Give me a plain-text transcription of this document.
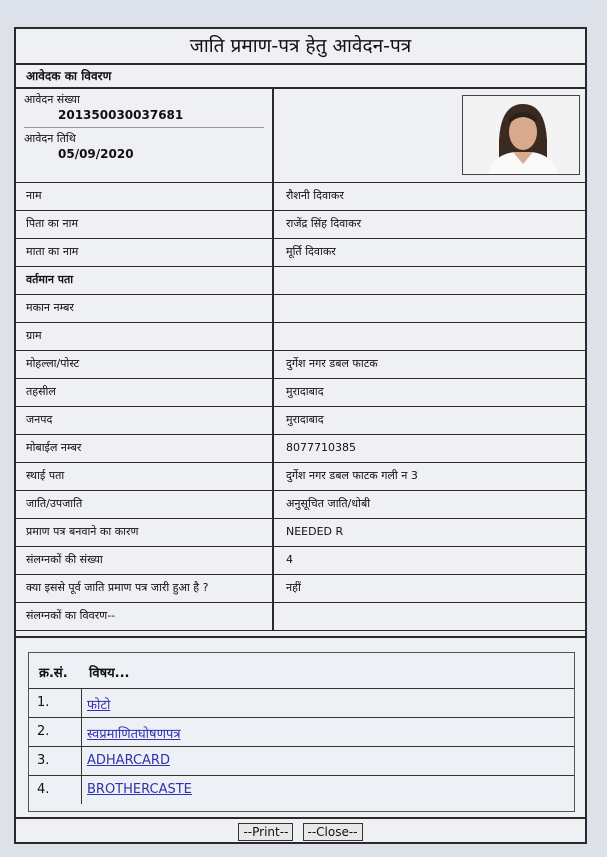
जाति प्रमाण-पत्र हेतु आवेदन-पत्र
आवेदक का विवरण
आवेदन संख्या
201350030037681
आवेदन तिथि
05/09/2020
नाम	रौशनी दिवाकर
पिता का नाम	राजेंद्र सिंह दिवाकर
माता का नाम	मूर्ति दिवाकर
वर्तमान पता
मकान नम्बर
ग्राम
मोहल्ला/पोस्ट	दुर्गेश नगर डबल फाटक
तहसील	मुरादाबाद
जनपद	मुरादाबाद
मोबाईल नम्बर	8077710385
स्थाई पता	दुर्गेश नगर डबल फाटक गली न 3
जाति/उपजाति	अनुसूचित जाति/धोबी
प्रमाण पत्र बनवाने का कारण	NEEDED R
संलग्नकों की संख्या	4
क्या इससे पूर्व जाति प्रमाण पत्र जारी हुआ है ?	नहीं
संलग्नकों का विवरण--
क्र.सं. विषय...
1.	फोटो
2.	स्वप्रमाणितघोषणपत्र
3.	ADHARCARD
4.	BROTHERCASTE
--Print-- --Close--
